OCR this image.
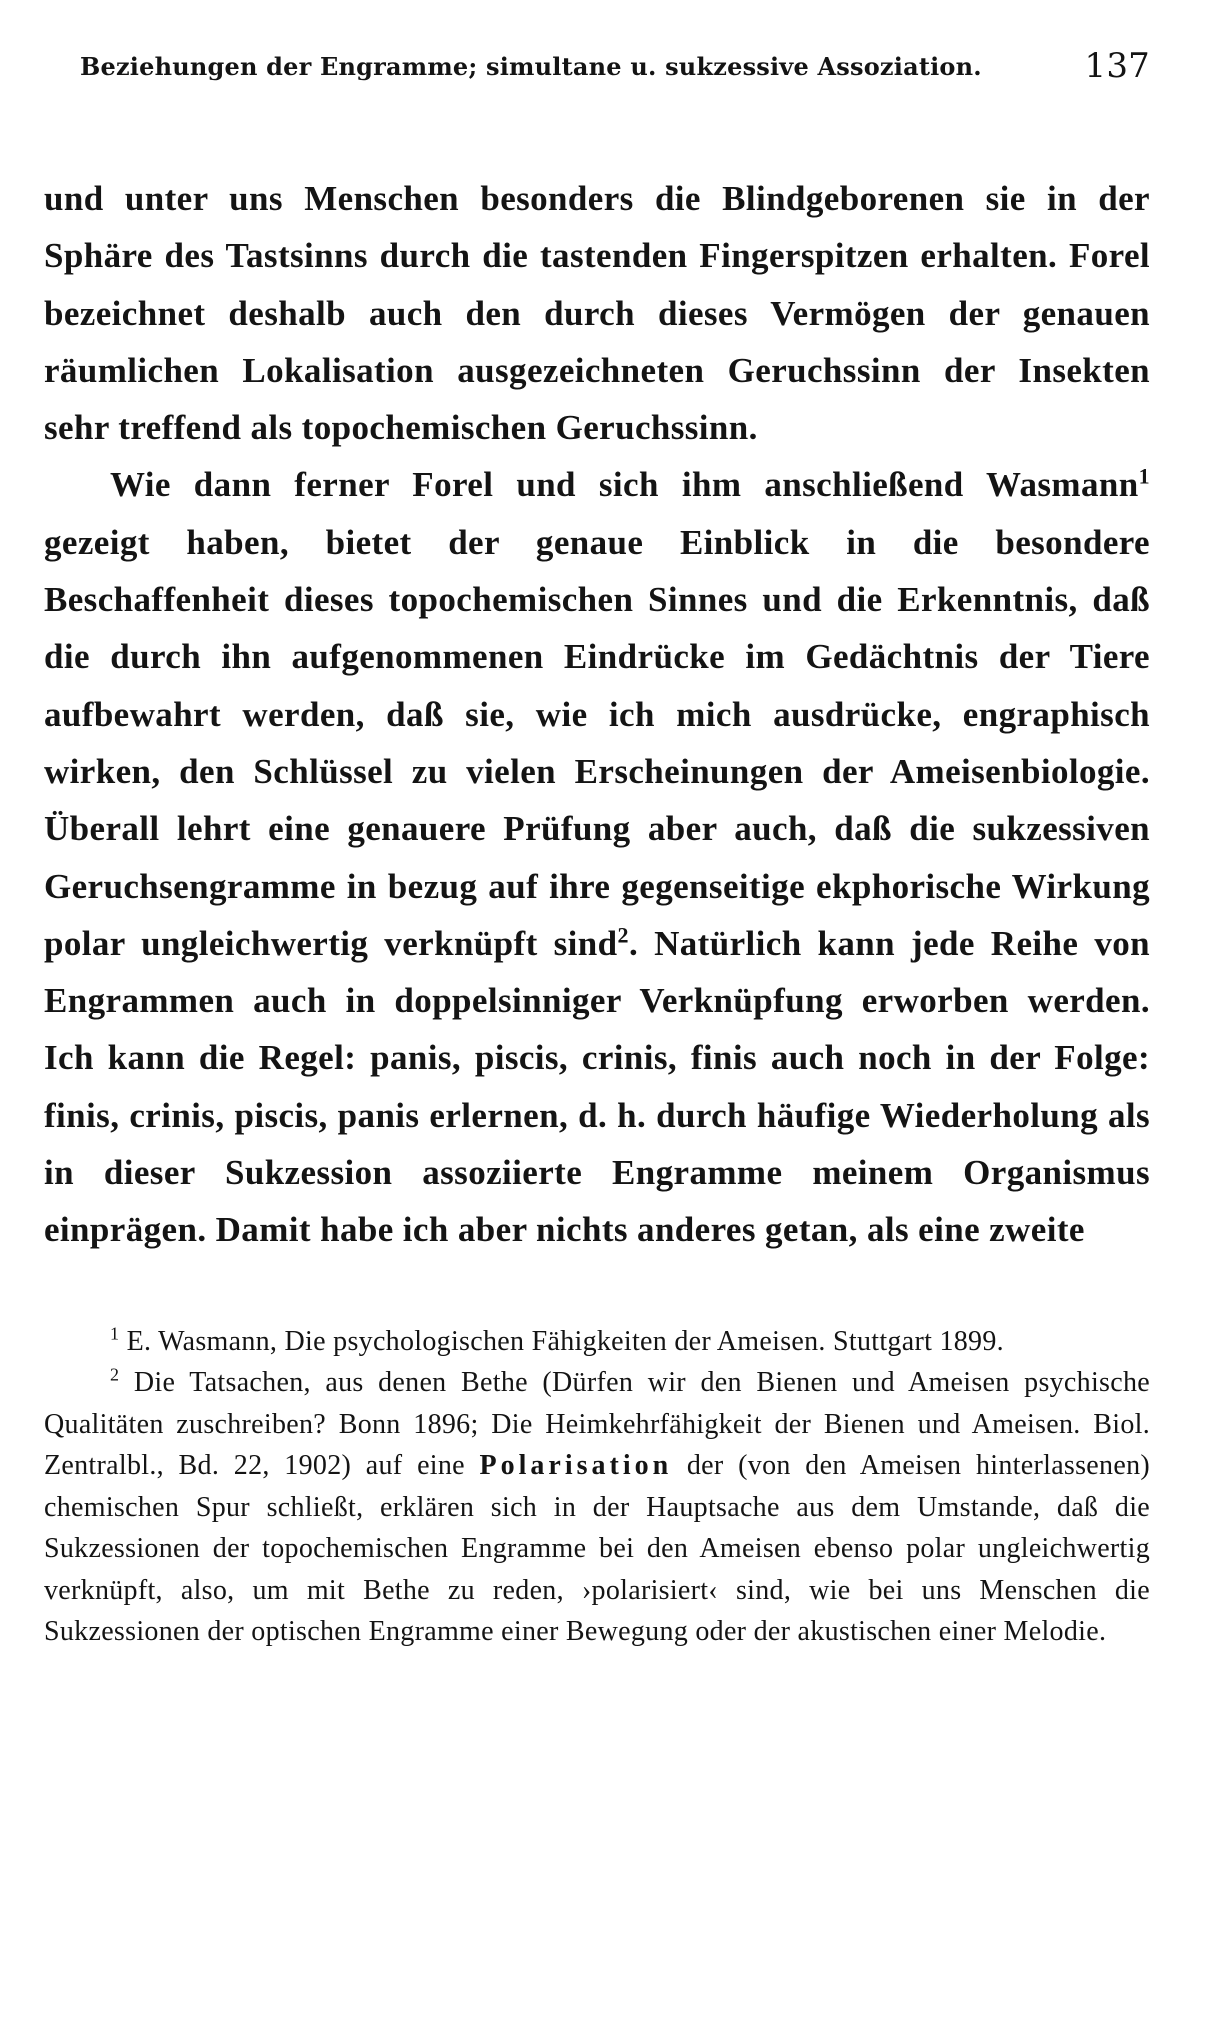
Beziehungen der Engramme; simultane u. sukzessive Assoziation.	137

und unter uns Menschen besonders die Blindgeborenen sie in der Sphäre des Tastsinns durch die tastenden Fingerspitzen erhalten. Forel bezeichnet deshalb auch den durch dieses Vermögen der genauen räumlichen Lokalisation ausgezeichneten Geruchssinn der Insekten sehr treffend als topochemischen Geruchssinn.

Wie dann ferner Forel und sich ihm anschließend Wasmann$^1$ gezeigt haben, bietet der genaue Einblick in die besondere Beschaffenheit dieses topochemischen Sinnes und die Erkenntnis, daß die durch ihn aufgenommenen Eindrücke im Gedächtnis der Tiere aufbewahrt werden, daß sie, wie ich mich ausdrücke, engraphisch wirken, den Schlüssel zu vielen Erscheinungen der Ameisenbiologie. Überall lehrt eine genauere Prüfung aber auch, daß die sukzessiven Geruchsengramme in bezug auf ihre gegenseitige ekphorische Wirkung polar ungleichwertig verknüpft sind$^2$. Natürlich kann jede Reihe von Engrammen auch in doppelsinniger Verknüpfung erworben werden. Ich kann die Regel: panis, piscis, crinis, finis auch noch in der Folge: finis, crinis, piscis, panis erlernen, d. h. durch häufige Wiederholung als in dieser Sukzession assoziierte Engramme meinem Organismus einprägen. Damit habe ich aber nichts anderes getan, als eine zweite

$^1$ E. Wasmann, Die psychologischen Fähigkeiten der Ameisen. Stuttgart 1899.

$^2$ Die Tatsachen, aus denen Bethe (Dürfen wir den Bienen und Ameisen psychische Qualitäten zuschreiben? Bonn 1896; Die Heimkehrfähigkeit der Bienen und Ameisen. Biol. Zentralbl., Bd. 22, 1902) auf eine Polarisation der (von den Ameisen hinterlassenen) chemischen Spur schließt, erklären sich in der Hauptsache aus dem Umstande, daß die Sukzessionen der topochemischen Engramme bei den Ameisen ebenso polar ungleichwertig verknüpft, also, um mit Bethe zu reden, ›polarisiert‹ sind, wie bei uns Menschen die Sukzessionen der optischen Engramme einer Bewegung oder der akustischen einer Melodie.
